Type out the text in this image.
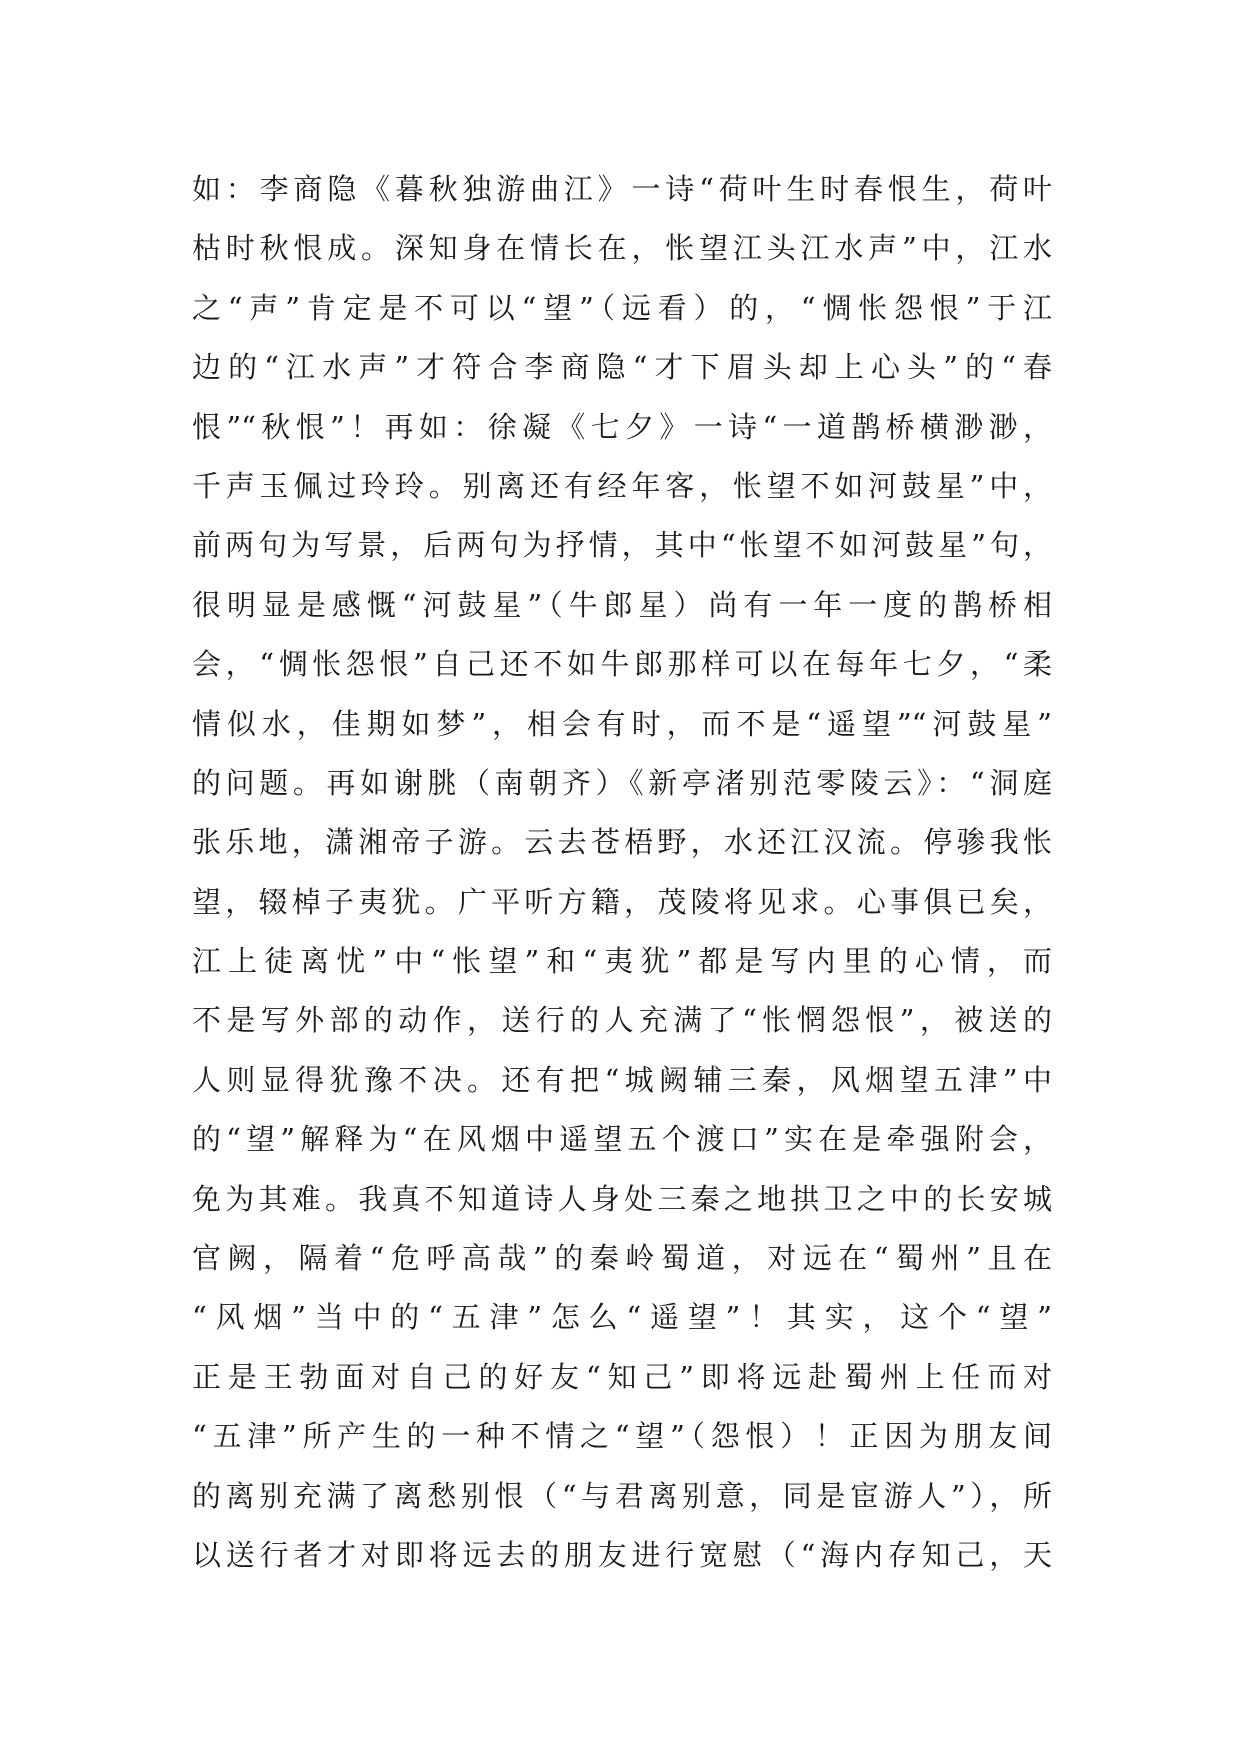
如：李商隐《暮秋独游曲江》一诗“荷叶生时春恨生，荷叶
枯时秋恨成。深知身在情长在，怅望江头江水声”中，江水
之“声”肯定是不可以“望”（远看）的，“惆怅怨恨”于江
边的“江水声”才符合李商隐“才下眉头却上心头”的“春
恨”“秋恨”！再如：徐凝《七夕》一诗“一道鹊桥横渺渺，
千声玉佩过玲玲。别离还有经年客，怅望不如河鼓星”中，
前两句为写景，后两句为抒情，其中“怅望不如河鼓星”句，
很明显是感慨“河鼓星”（牛郎星）尚有一年一度的鹊桥相
会，“惆怅怨恨”自己还不如牛郎那样可以在每年七夕，“柔
情似水，佳期如梦”，相会有时，而不是“遥望”“河鼓星”
的问题。再如谢朓（南朝齐）《新亭渚别范零陵云》：“洞庭
张乐地，潇湘帝子游。云去苍梧野，水还江汉流。停骖我怅
望，辍棹子夷犹。广平听方籍，茂陵将见求。心事俱已矣，
江上徒离忧”中“怅望”和“夷犹”都是写内里的心情，而
不是写外部的动作，送行的人充满了“怅惘怨恨”，被送的
人则显得犹豫不决。还有把“城阙辅三秦，风烟望五津”中
的“望”解释为“在风烟中遥望五个渡口”实在是牵强附会，
免为其难。我真不知道诗人身处三秦之地拱卫之中的长安城
官阙，隔着“危呼高哉”的秦岭蜀道，对远在“蜀州”且在
“风烟”当中的“五津”怎么“遥望”！其实，这个“望”
正是王勃面对自己的好友“知己”即将远赴蜀州上任而对
“五津”所产生的一种不情之“望”（怨恨）！正因为朋友间
的离别充满了离愁别恨（“与君离别意，同是宦游人”），所
以送行者才对即将远去的朋友进行宽慰（“海内存知己，天
